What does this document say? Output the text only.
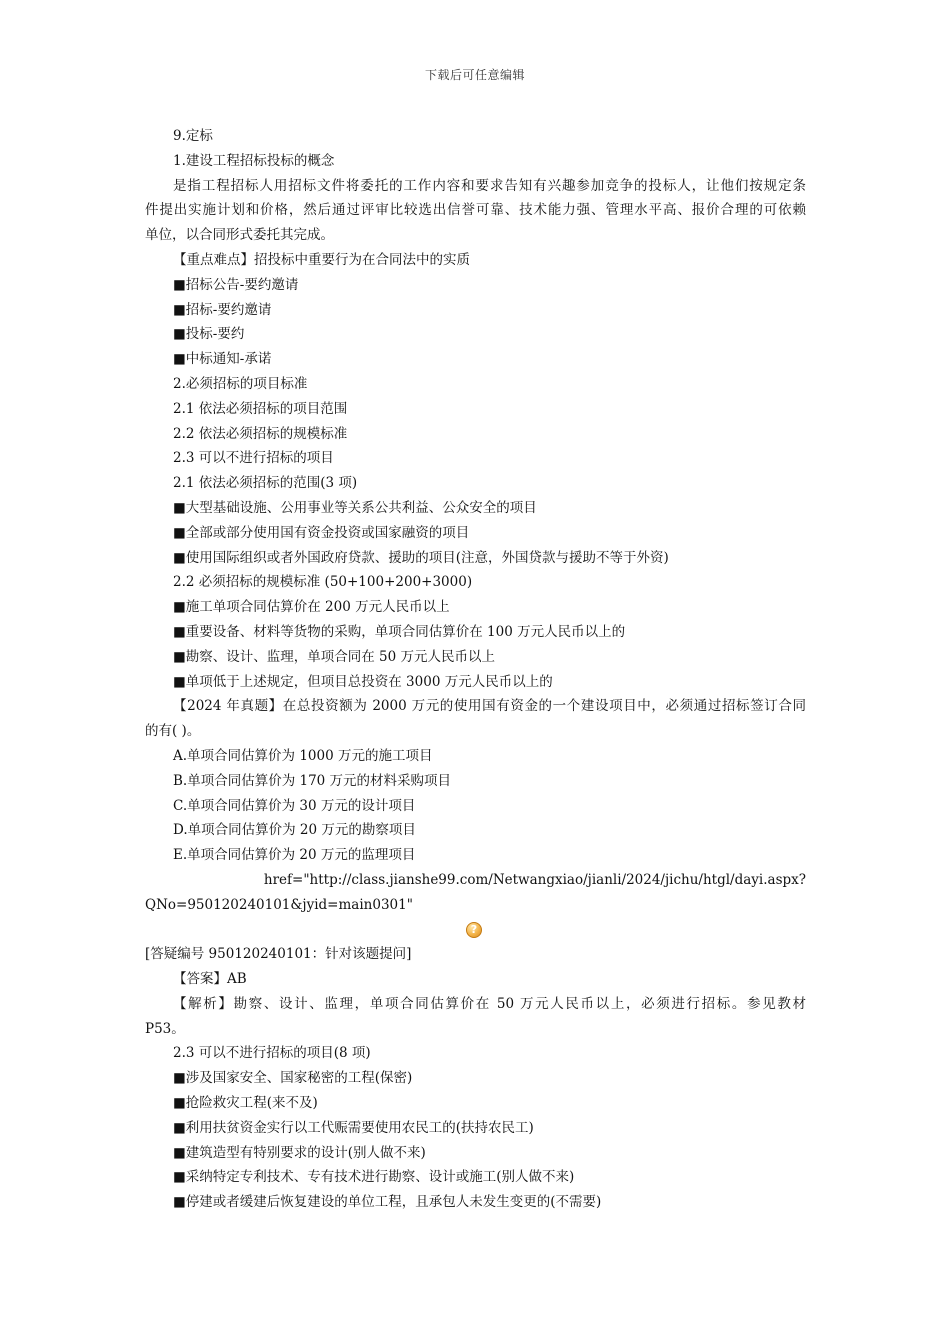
下载后可任意编辑
9.定标
1.建设工程招标投标的概念
是指工程招标人用招标文件将委托的工作内容和要求告知有兴趣参加竞争的投标人，让他们按规定条
件提出实施计划和价格，然后通过评审比较选出信誉可靠、技术能力强、管理水平高、报价合理的可依赖
单位，以合同形式委托其完成。
【重点难点】招投标中重要行为在合同法中的实质
■招标公告-要约邀请
■招标-要约邀请
■投标-要约
■中标通知-承诺
2.必须招标的项目标准
2.1 依法必须招标的项目范围
2.2 依法必须招标的规模标准
2.3 可以不进行招标的项目
2.1 依法必须招标的范围(3 项)
■大型基础设施、公用事业等关系公共利益、公众安全的项目
■全部或部分使用国有资金投资或国家融资的项目
■使用国际组织或者外国政府贷款、援助的项目(注意，外国贷款与援助不等于外资)
2.2 必须招标的规模标准 (50+100+200+3000)
■施工单项合同估算价在 200 万元人民币以上
■重要设备、材料等货物的采购，单项合同估算价在 100 万元人民币以上的
■勘察、设计、监理，单项合同在 50 万元人民币以上
■单项低于上述规定，但项目总投资在 3000 万元人民币以上的
【2024 年真题】在总投资额为 2000 万元的使用国有资金的一个建设项目中，必须通过招标签订合同
的有( )。
A.单项合同估算价为 1000 万元的施工项目
B.单项合同估算价为 170 万元的材料采购项目
C.单项合同估算价为 30 万元的设计项目
D.单项合同估算价为 20 万元的勘察项目
E.单项合同估算价为 20 万元的监理项目
href="http://class.jianshe99.com/Netwangxiao/jianli/2024/jichu/htgl/dayi.aspx?
QNo=950120240101&jyid=main0301"
?
[答疑编号 950120240101：针对该题提问]
【答案】AB
【解析】勘察、设计、监理，单项合同估算价在 50 万元人民币以上，必须进行招标。参见教材
P53。
2.3 可以不进行招标的项目(8 项)
■涉及国家安全、国家秘密的工程(保密)
■抢险救灾工程(来不及)
■利用扶贫资金实行以工代赈需要使用农民工的(扶持农民工)
■建筑造型有特别要求的设计(别人做不来)
■采纳特定专利技术、专有技术进行勘察、设计或施工(别人做不来)
■停建或者缓建后恢复建设的单位工程，且承包人未发生变更的(不需要)
